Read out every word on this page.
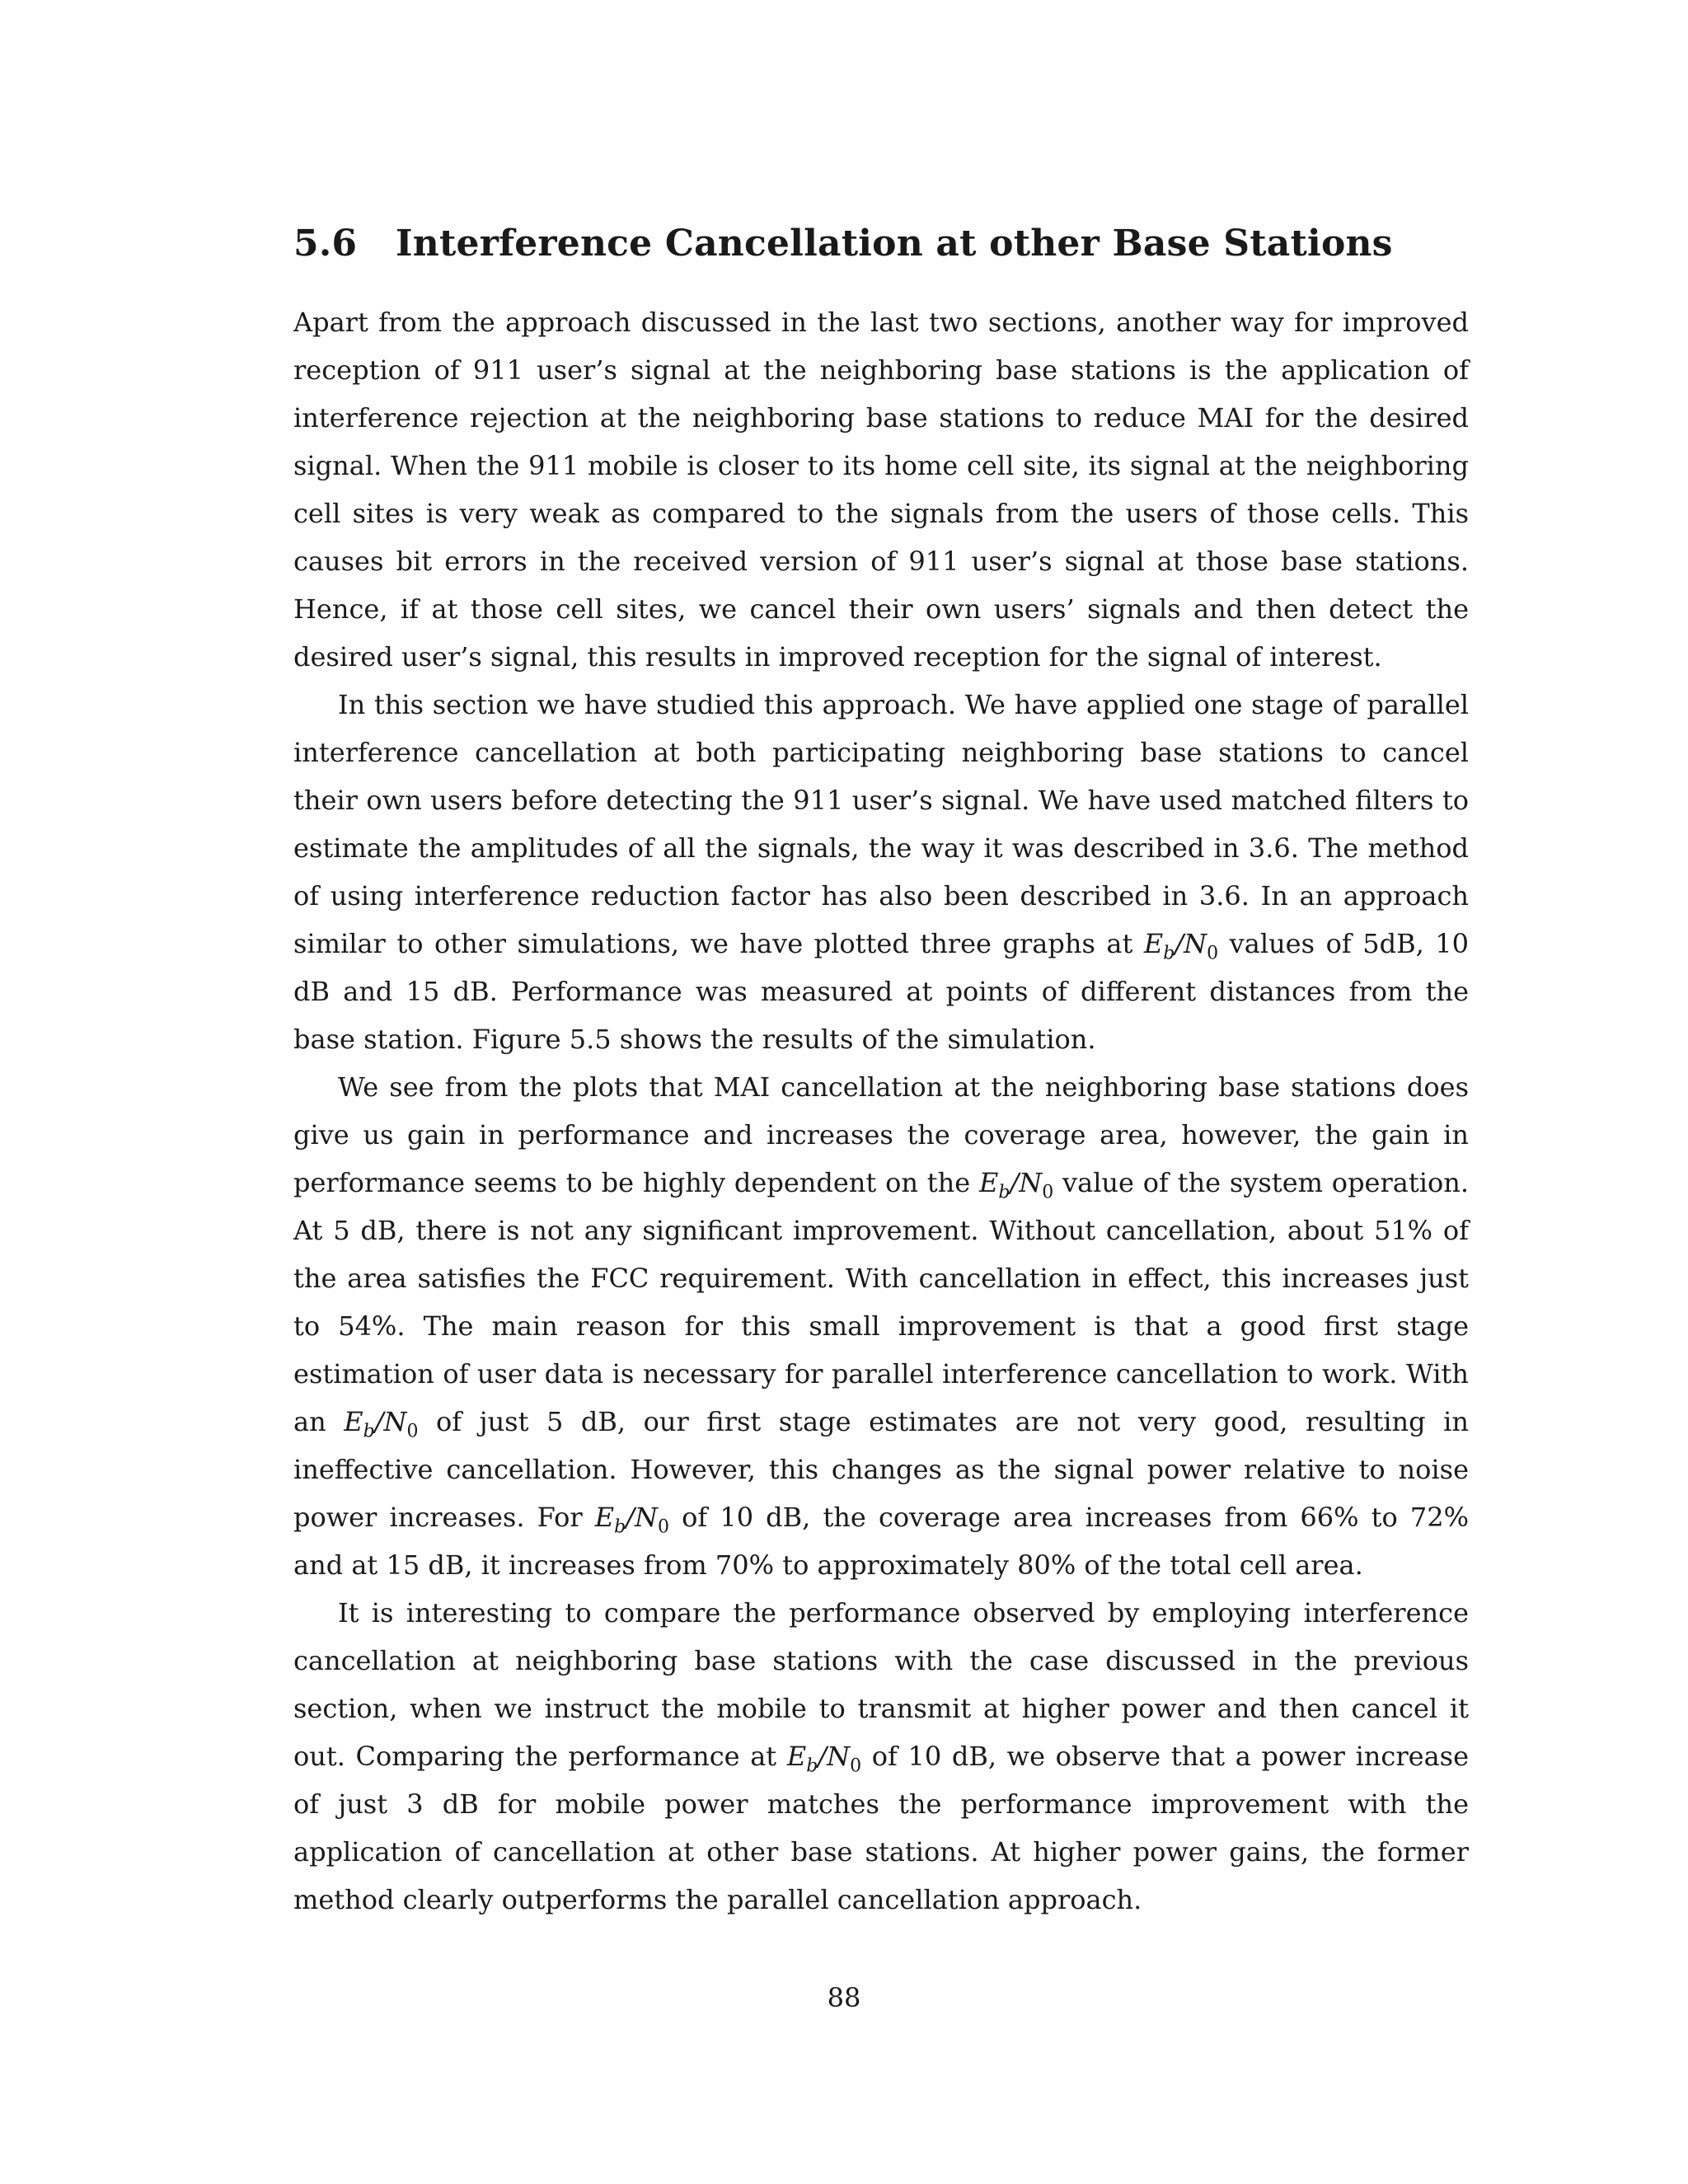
5.6	Interference Cancellation at other Base Stations

Apart from the approach discussed in the last two sections, another way for improved reception of 911 user’s signal at the neighboring base stations is the application of interference rejection at the neighboring base stations to reduce MAI for the desired signal. When the 911 mobile is closer to its home cell site, its signal at the neighboring cell sites is very weak as compared to the signals from the users of those cells. This causes bit errors in the received version of 911 user’s signal at those base stations. Hence, if at those cell sites, we cancel their own users’ signals and then detect the desired user’s signal, this results in improved reception for the signal of interest.

In this section we have studied this approach. We have applied one stage of parallel interference cancellation at both participating neighboring base stations to cancel their own users before detecting the 911 user’s signal. We have used matched filters to estimate the amplitudes of all the signals, the way it was described in 3.6. The method of using interference reduction factor has also been described in 3.6. In an approach similar to other simulations, we have plotted three graphs at $E_b/N_0$ values of 5dB, 10 dB and 15 dB. Performance was measured at points of different distances from the base station. Figure 5.5 shows the results of the simulation.

We see from the plots that MAI cancellation at the neighboring base stations does give us gain in performance and increases the coverage area, however, the gain in performance seems to be highly dependent on the $E_b/N_0$ value of the system operation. At 5 dB, there is not any significant improvement. Without cancellation, about 51% of the area satisfies the FCC requirement. With cancellation in effect, this increases just to 54%. The main reason for this small improvement is that a good first stage estimation of user data is necessary for parallel interference cancellation to work. With an $E_b/N_0$ of just 5 dB, our first stage estimates are not very good, resulting in ineffective cancellation. However, this changes as the signal power relative to noise power increases. For $E_b/N_0$ of 10 dB, the coverage area increases from 66% to 72% and at 15 dB, it increases from 70% to approximately 80% of the total cell area.

It is interesting to compare the performance observed by employing interference cancellation at neighboring base stations with the case discussed in the previous section, when we instruct the mobile to transmit at higher power and then cancel it out. Comparing the performance at $E_b/N_0$ of 10 dB, we observe that a power increase of just 3 dB for mobile power matches the performance improvement with the application of cancellation at other base stations. At higher power gains, the former method clearly outperforms the parallel cancellation approach.

88
